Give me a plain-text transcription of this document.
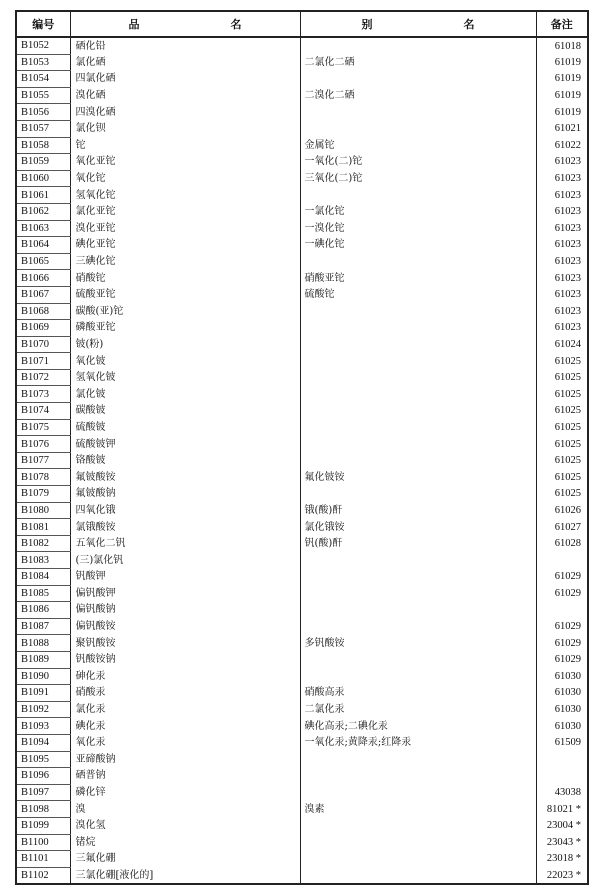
编号	品　名	别　名	备注
B1052	硒化铅		61018
B1053	氯化硒	二氯化二硒	61019
B1054	四氯化硒		61019
B1055	溴化硒	二溴化二硒	61019
B1056	四溴化硒		61019
B1057	氯化钡		61021
B1058	铊	金属铊	61022
B1059	氧化亚铊	一氧化(二)铊	61023
B1060	氧化铊	三氧化(二)铊	61023
B1061	氢氧化铊		61023
B1062	氯化亚铊	一氯化铊	61023
B1063	溴化亚铊	一溴化铊	61023
B1064	碘化亚铊	一碘化铊	61023
B1065	三碘化铊		61023
B1066	硝酸铊	硝酸亚铊	61023
B1067	硫酸亚铊	硫酸铊	61023
B1068	碳酸(亚)铊		61023
B1069	磷酸亚铊		61023
B1070	铍(粉)		61024
B1071	氧化铍		61025
B1072	氢氧化铍		61025
B1073	氯化铍		61025
B1074	碳酸铍		61025
B1075	硫酸铍		61025
B1076	硫酸铍钾		61025
B1077	铬酸铍		61025
B1078	氟铍酸铵	氟化铍铵	61025
B1079	氟铍酸钠		61025
B1080	四氧化锇	锇(酸)酐	61026
B1081	氯锇酸铵	氯化锇铵	61027
B1082	五氧化二钒	钒(酸)酐	61028
B1083	(三)氯化钒		
B1084	钒酸钾		61029
B1085	偏钒酸钾		61029
B1086	偏钒酸钠		
B1087	偏钒酸铵		61029
B1088	聚钒酸铵	多钒酸铵	61029
B1089	钒酸铵钠		61029
B1090	砷化汞		61030
B1091	硝酸汞	硝酸高汞	61030
B1092	氯化汞	二氯化汞	61030
B1093	碘化汞	碘化高汞;二碘化汞	61030
B1094	氧化汞	一氧化汞;黄降汞;红降汞	61509
B1095	亚碲酸钠		
B1096	硒普钠		
B1097	磷化锌		43038
B1098	溴	溴素	81021 *
B1099	溴化氢		23004 *
B1100	锗烷		23043 *
B1101	三氟化硼		23018 *
B1102	三氯化硼[液化的]		22023 *
